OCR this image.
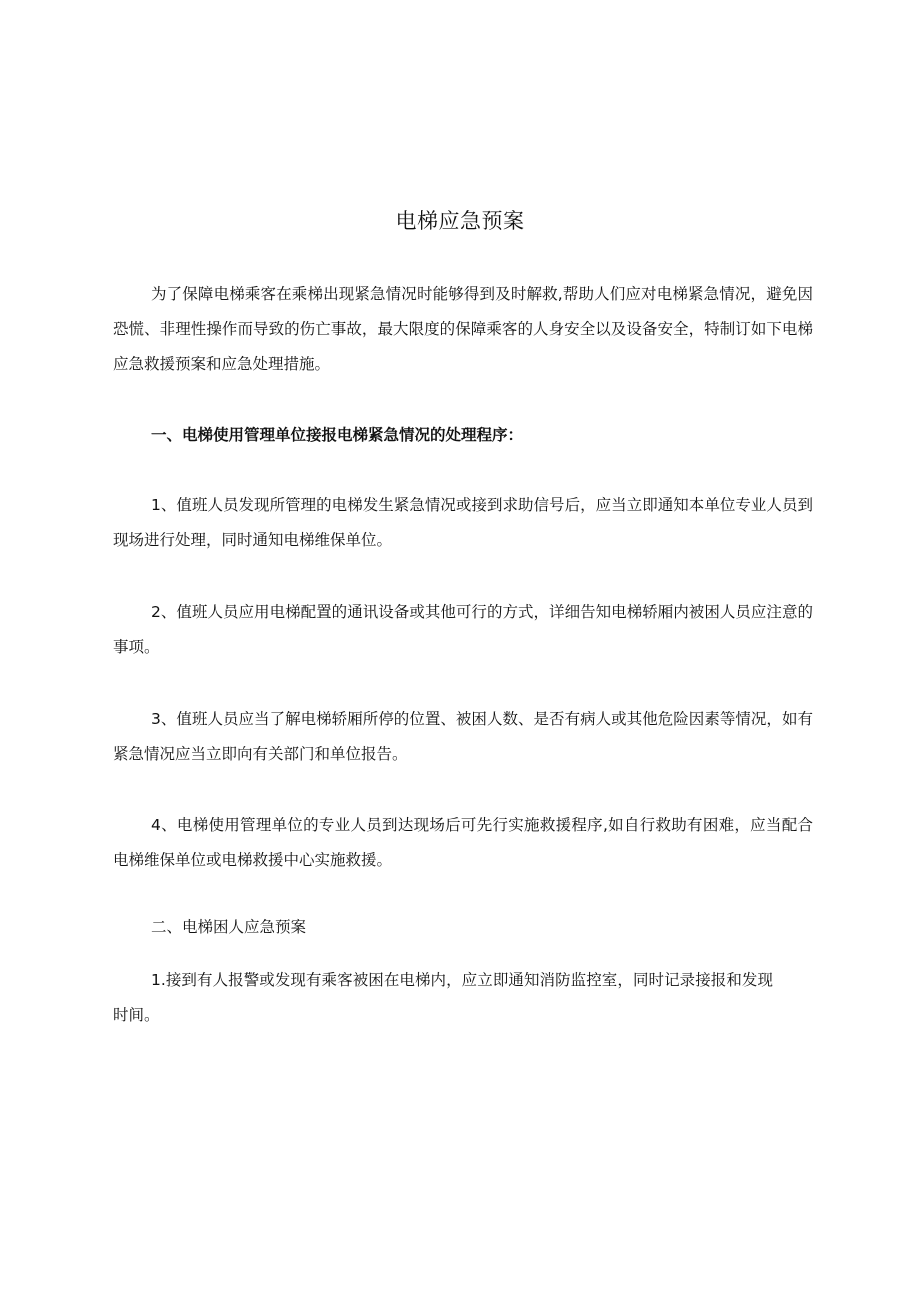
电梯应急预案

为了保障电梯乘客在乘梯出现紧急情况时能够得到及时解救,帮助人们应对电梯紧急情况，避免因恐慌、非理性操作而导致的伤亡事故，最大限度的保障乘客的人身安全以及设备安全，特制订如下电梯应急救援预案和应急处理措施。

一、电梯使用管理单位接报电梯紧急情况的处理程序：

1、值班人员发现所管理的电梯发生紧急情况或接到求助信号后，应当立即通知本单位专业人员到现场进行处理，同时通知电梯维保单位。

2、值班人员应用电梯配置的通讯设备或其他可行的方式，详细告知电梯轿厢内被困人员应注意的事项。

3、值班人员应当了解电梯轿厢所停的位置、被困人数、是否有病人或其他危险因素等情况，如有紧急情况应当立即向有关部门和单位报告。

4、电梯使用管理单位的专业人员到达现场后可先行实施救援程序,如自行救助有困难，应当配合电梯维保单位或电梯救援中心实施救援。

二、电梯困人应急预案

1.接到有人报警或发现有乘客被困在电梯内，应立即通知消防监控室，同时记录接报和发现时间。
